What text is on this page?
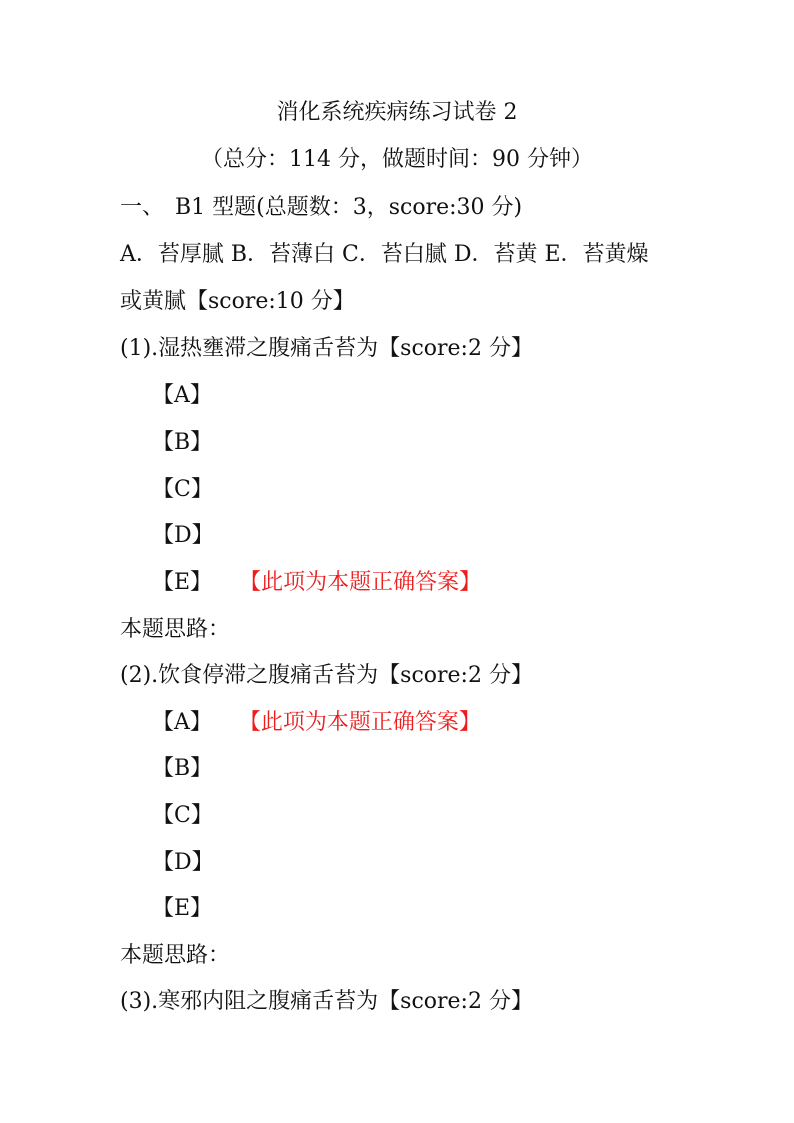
消化系统疾病练习试卷 2
（总分：114 分，做题时间：90 分钟）
一、　B1 型题(总题数：3，score:30 分)
A．苔厚腻 B．苔薄白 C．苔白腻 D．苔黄 E．苔黄燥
或黄腻【score:10 分】
(1).湿热壅滞之腹痛舌苔为【score:2 分】
【A】
【B】
【C】
【D】
【E】 【此项为本题正确答案】
本题思路：
(2).饮食停滞之腹痛舌苔为【score:2 分】
【A】 【此项为本题正确答案】
【B】
【C】
【D】
【E】
本题思路：
(3).寒邪内阻之腹痛舌苔为【score:2 分】
